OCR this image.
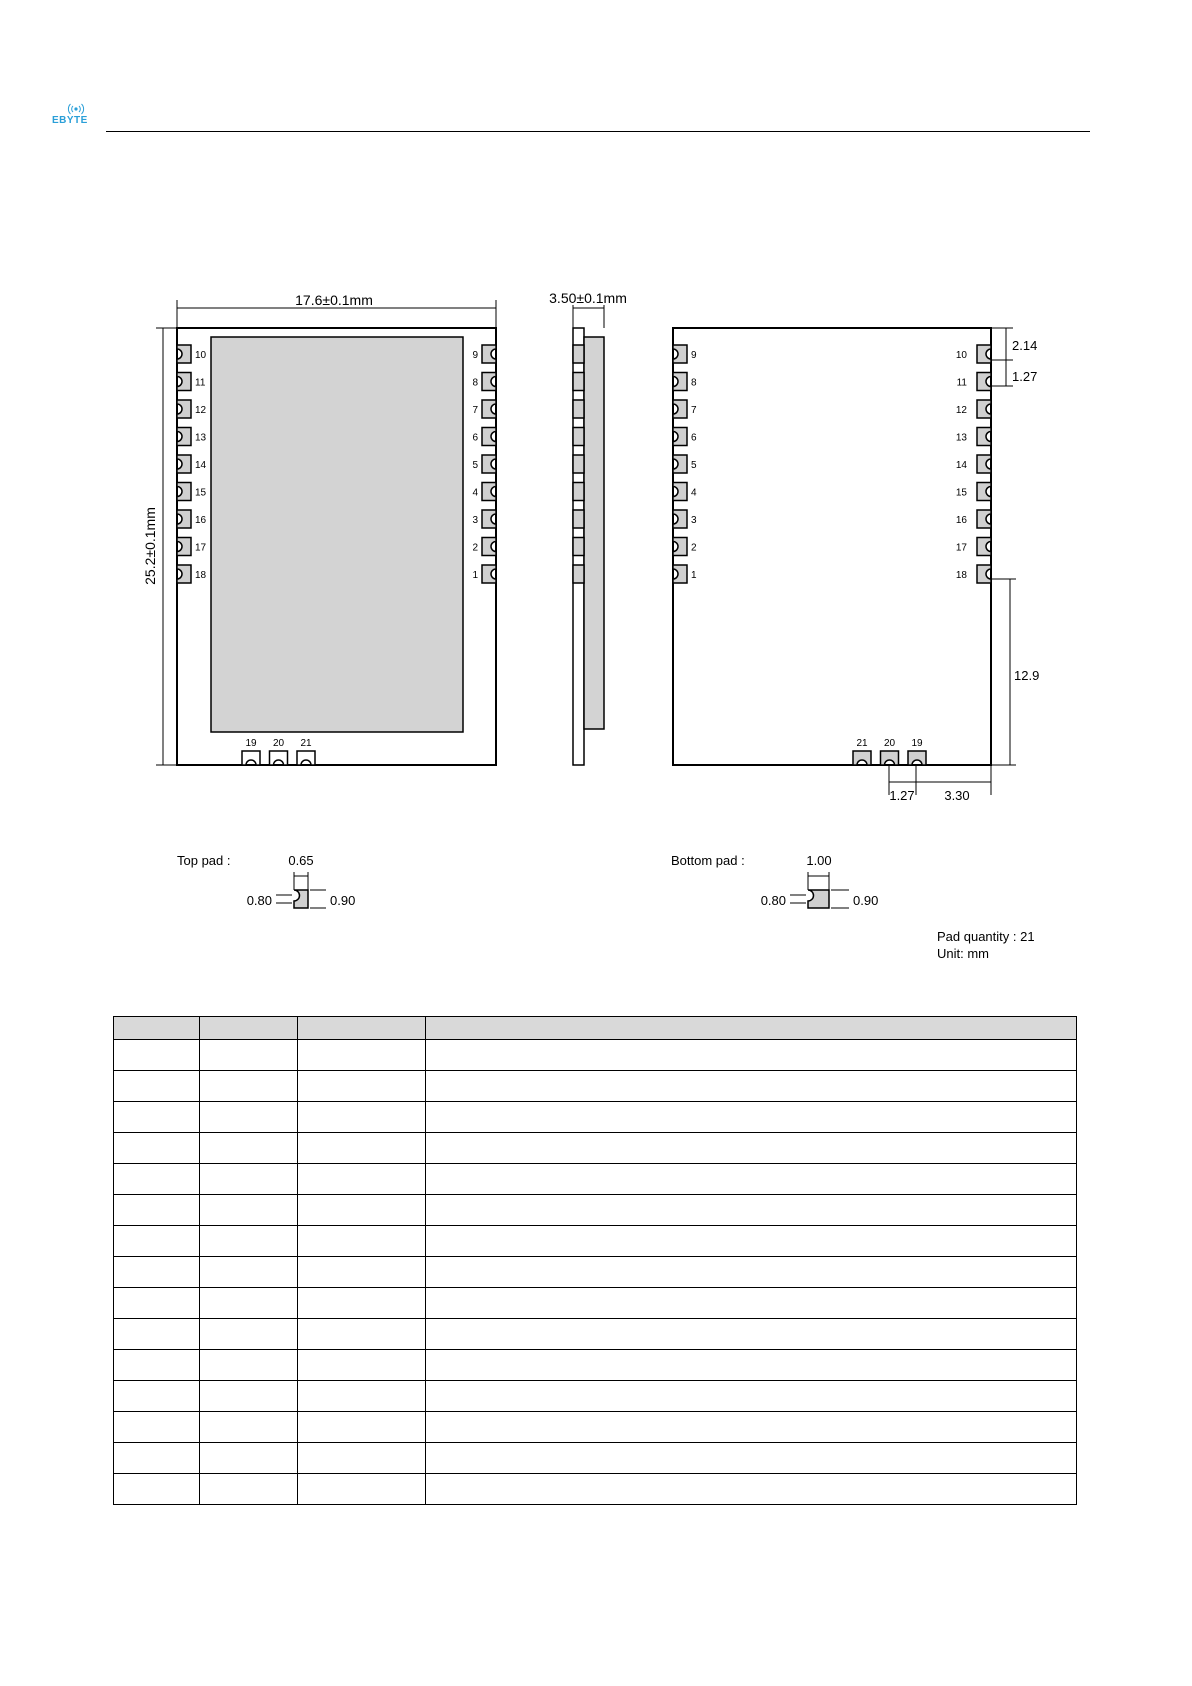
EBYTE
17.6±0.1mm
25.2±0.1mm
10
11
12
13
14
15
16
17
18
9
8
7
6
5
4
3
2
1
19 20 21
3.50±0.1mm
9
8
7
6
5
4
3
2
1
10
11
12
13
14
15
16
17
18
21 20 19
2.14
1.27
12.9
1.27 3.30
Top pad :	0.65
0.80	0.90
Bottom pad :	1.00
0.80	0.90
Pad quantity : 21
Unit: mm
